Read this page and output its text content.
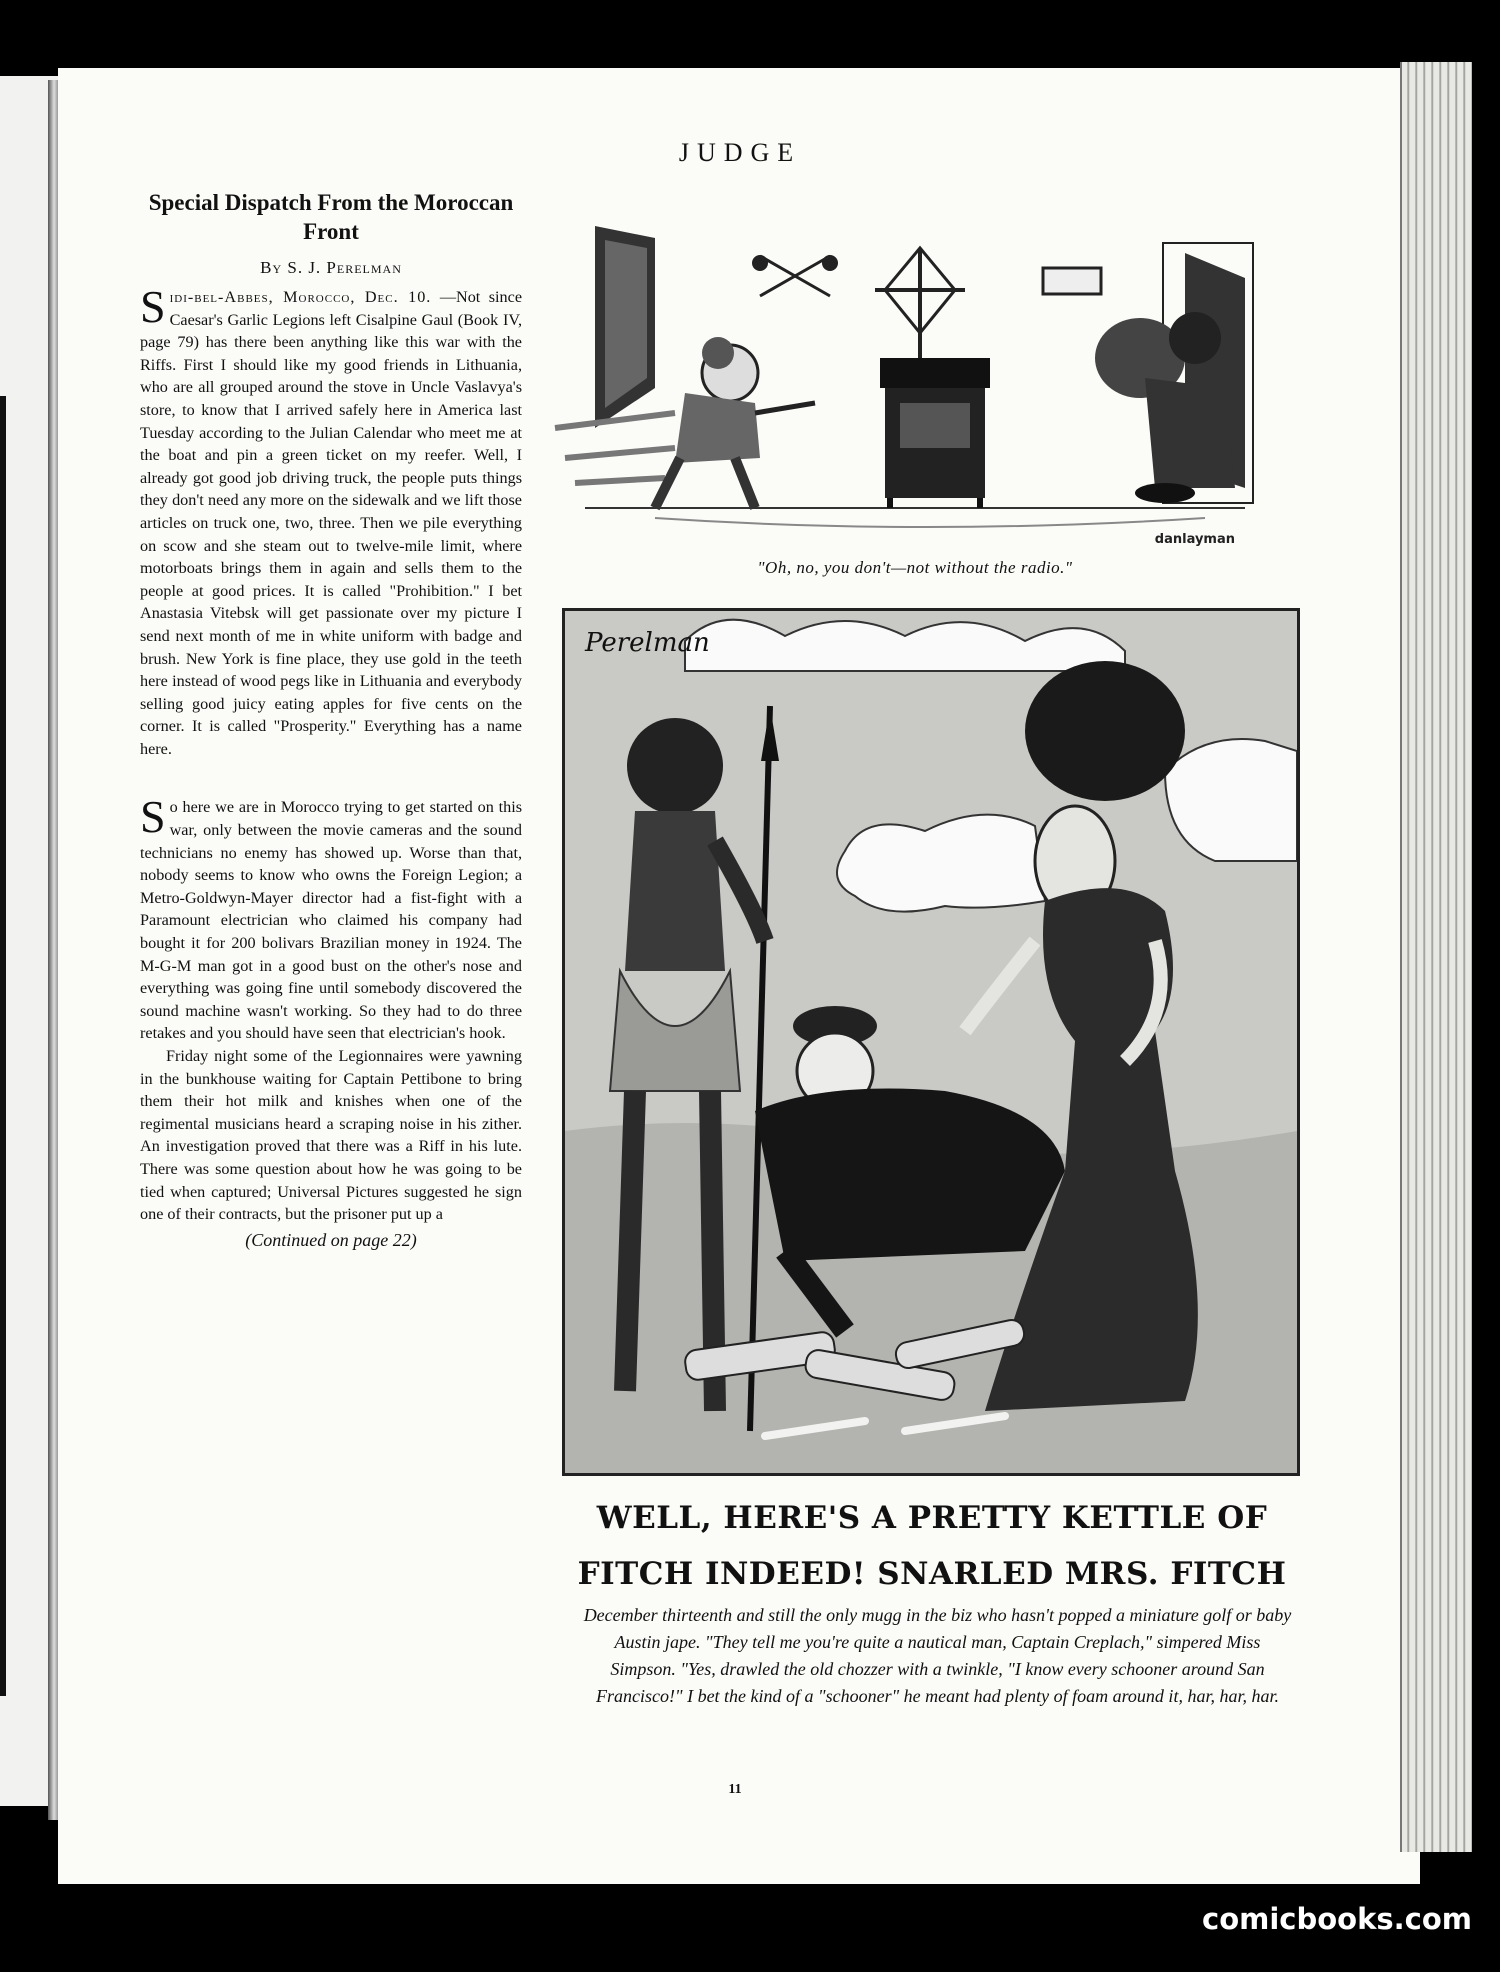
JUDGE
Special Dispatch From the Moroccan Front
By S. J. Perelman

Sidi-bel-Abbes, Morocco, Dec. 10. —Not since Caesar's Garlic Legions left Cisalpine Gaul (Book IV, page 79) has there been anything like this war with the Riffs. First I should like my good friends in Lithuania, who are all grouped around the stove in Uncle Vaslavya's store, to know that I arrived safely here in America last Tuesday according to the Julian Calendar who meet me at the boat and pin a green ticket on my reefer. Well, I already got good job driving truck, the people puts things they don't need any more on the sidewalk and we lift those articles on truck one, two, three. Then we pile everything on scow and she steam out to twelve-mile limit, where motorboats brings them in again and sells them to the people at good prices. It is called "Prohibition." I bet Anastasia Vitebsk will get passionate over my picture I send next month of me in white uniform with badge and brush. New York is fine place, they use gold in the teeth here instead of wood pegs like in Lithuania and everybody selling good juicy eating apples for five cents on the corner. It is called "Prosperity." Everything has a name here.

So here we are in Morocco trying to get started on this war, only between the movie cameras and the sound technicians no enemy has showed up. Worse than that, nobody seems to know who owns the Foreign Legion; a Metro-Goldwyn-Mayer director had a fist-fight with a Paramount electrician who claimed his company had bought it for 200 bolivars Brazilian money in 1924. The M-G-M man got in a good bust on the other's nose and everything was going fine until somebody discovered the sound machine wasn't working. So they had to do three retakes and you should have seen that electrician's hook.

Friday night some of the Legionnaires were yawning in the bunkhouse waiting for Captain Pettibone to bring them their hot milk and knishes when one of the regimental musicians heard a scraping noise in his zither. An investigation proved that there was a Riff in his lute. There was some question about how he was going to be tied when captured; Universal Pictures suggested he sign one of their contracts, but the prisoner put up a

(Continued on page 22)
danlayman
"Oh, no, you don't—not without the radio."
Perelman
WELL, HERE'S A PRETTY KETTLE OF
FITCH INDEED! SNARLED MRS. FITCH
December thirteenth and still the only mugg in the biz who hasn't popped a miniature golf or baby Austin jape. "They tell me you're quite a nautical man, Captain Creplach," simpered Miss Simpson. "Yes, drawled the old chozzer with a twinkle, "I know every schooner around San Francisco!" I bet the kind of a "schooner" he meant had plenty of foam around it, har, har, har.
11
comicbooks.com
